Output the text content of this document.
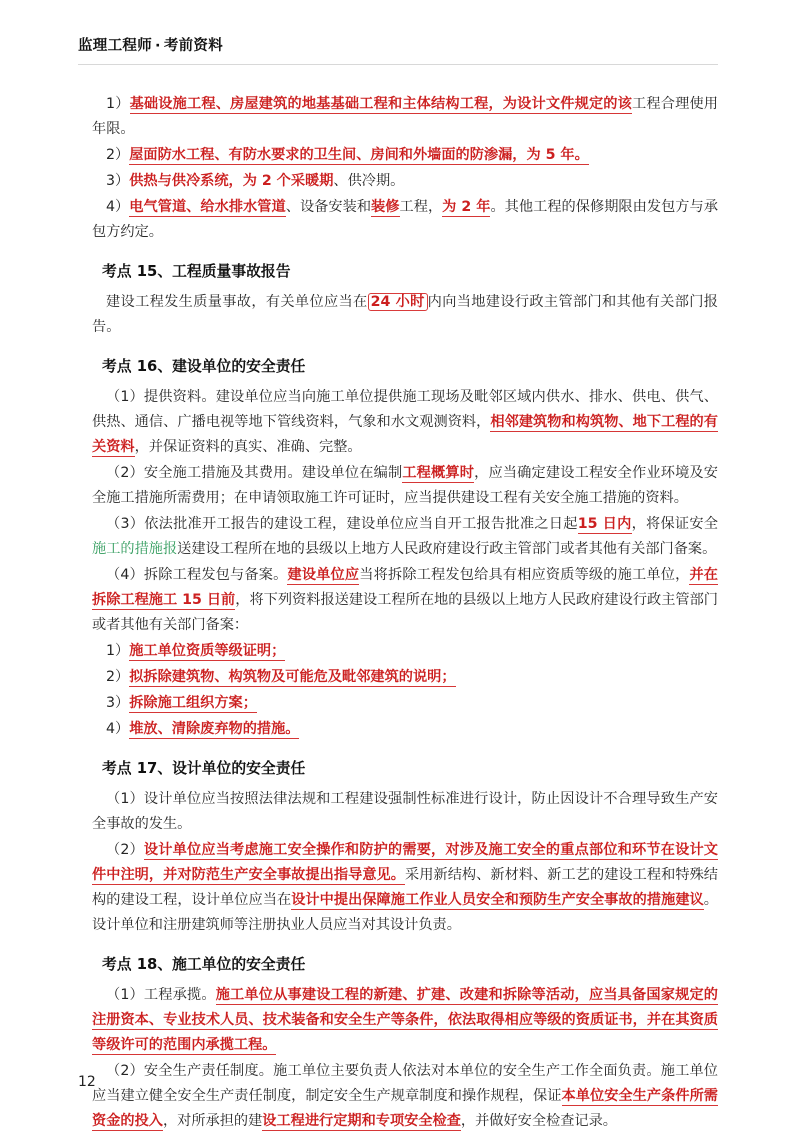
监理工程师 · 考前资料

1）基础设施工程、房屋建筑的地基基础工程和主体结构工程，为设计文件规定的该工程合理使用年限。

2）屋面防水工程、有防水要求的卫生间、房间和外墙面的防渗漏，为 5 年。

3）供热与供冷系统，为 2 个采暖期、供冷期。

4）电气管道、给水排水管道、设备安装和装修工程，为 2 年。其他工程的保修期限由发包方与承包方约定。

考点 15、工程质量事故报告

建设工程发生质量事故，有关单位应当在 24 小时 内向当地建设行政主管部门和其他有关部门报告。

考点 16、建设单位的安全责任

（1）提供资料。建设单位应当向施工单位提供施工现场及毗邻区域内供水、排水、供电、供气、供热、通信、广播电视等地下管线资料，气象和水文观测资料，相邻建筑物和构筑物、地下工程的有关资料，并保证资料的真实、准确、完整。

（2）安全施工措施及其费用。建设单位在编制工程概算时，应当确定建设工程安全作业环境及安全施工措施所需费用；在申请领取施工许可证时，应当提供建设工程有关安全施工措施的资料。

（3）依法批准开工报告的建设工程，建设单位应当自开工报告批准之日起15 日内，将保证安全施工的措施报送建设工程所在地的县级以上地方人民政府建设行政主管部门或者其他有关部门备案。

（4）拆除工程发包与备案。建设单位应当将拆除工程发包给具有相应资质等级的施工单位，并在拆除工程施工 15 日前，将下列资料报送建设工程所在地的县级以上地方人民政府建设行政主管部门或者其他有关部门备案：

1）施工单位资质等级证明；

2）拟拆除建筑物、构筑物及可能危及毗邻建筑的说明；

3）拆除施工组织方案；

4）堆放、清除废弃物的措施。

考点 17、设计单位的安全责任

（1）设计单位应当按照法律法规和工程建设强制性标准进行设计，防止因设计不合理导致生产安全事故的发生。

（2）设计单位应当考虑施工安全操作和防护的需要，对涉及施工安全的重点部位和环节在设计文件中注明，并对防范生产安全事故提出指导意见。采用新结构、新材料、新工艺的建设工程和特殊结构的建设工程，设计单位应当在设计中提出保障施工作业人员安全和预防生产安全事故的措施建议。设计单位和注册建筑师等注册执业人员应当对其设计负责。

考点 18、施工单位的安全责任

（1）工程承揽。施工单位从事建设工程的新建、扩建、改建和拆除等活动，应当具备国家规定的注册资本、专业技术人员、技术装备和安全生产等条件，依法取得相应等级的资质证书，并在其资质等级许可的范围内承揽工程。

（2）安全生产责任制度。施工单位主要负责人依法对本单位的安全生产工作全面负责。施工单位应当建立健全安全生产责任制度，制定安全生产规章制度和操作规程，保证本单位安全生产条件所需资金的投入，对所承担的建设工程进行定期和专项安全检查，并做好安全检查记录。

12
